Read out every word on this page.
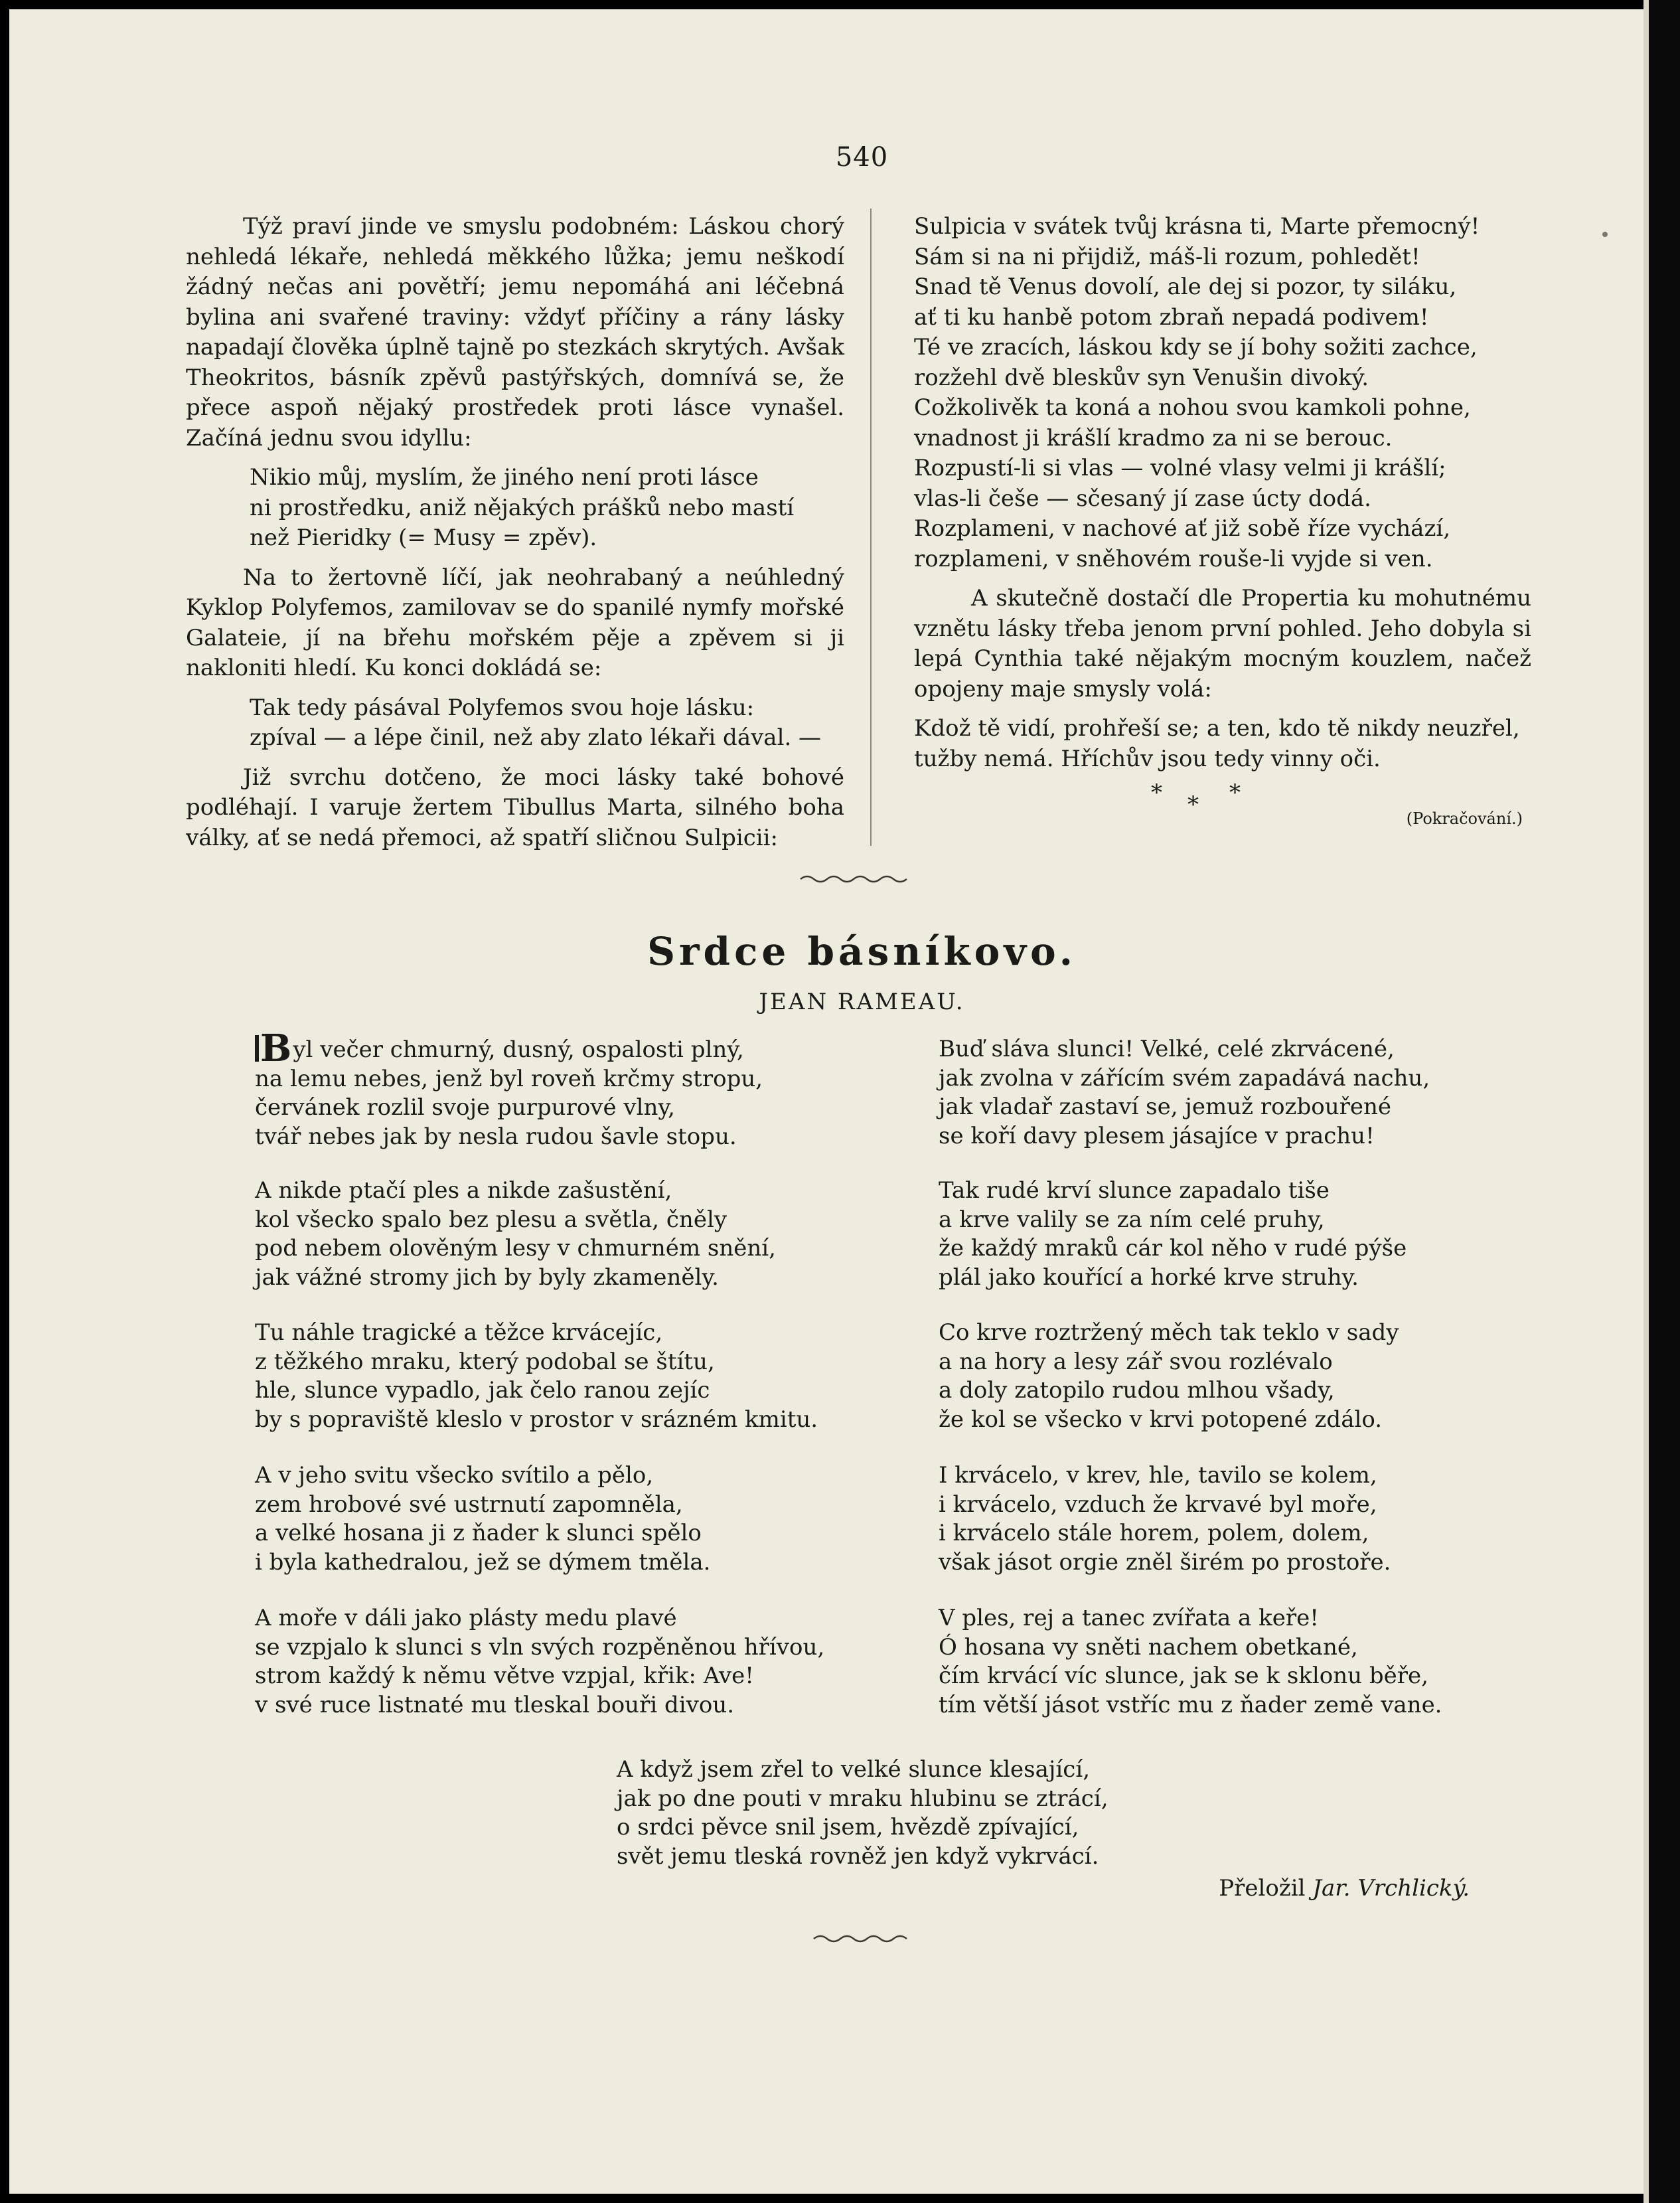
540

Týž praví jinde ve smyslu podobném: Láskou chorý nehledá lékaře, nehledá měkkého lůžka; jemu neškodí žádný nečas ani povětří; jemu nepomáhá ani léčebná bylina ani svařené traviny: vždyť příčiny a rány lásky napadají člověka úplně tajně po stezkách skrytých. Avšak Theokritos, básník zpěvů pastýřských, domnívá se, že přece aspoň nějaký prostředek proti lásce vynašel. Začíná jednu svou idyllu:

Nikio můj, myslím, že jiného není proti lásce
ni prostředku, aniž nějakých prášků nebo mastí
než Pieridky (= Musy = zpěv).

Na to žertovně líčí, jak neohrabaný a neúhledný Kyklop Polyfemos, zamilovav se do spanilé nymfy mořské Galateie, jí na břehu mořském pěje a zpěvem si ji nakloniti hledí. Ku konci dokládá se:

Tak tedy pásával Polyfemos svou hoje lásku:
zpíval — a lépe činil, než aby zlato lékaři dával. —

Již svrchu dotčeno, že moci lásky také bohové podléhají. I varuje žertem Tibullus Marta, silného boha války, ať se nedá přemoci, až spatří sličnou Sulpicii:

Sulpicia v svátek tvůj krásna ti, Marte přemocný!
Sám si na ni přijdiž, máš-li rozum, pohledět!
Snad tě Venus dovolí, ale dej si pozor, ty siláku,
ať ti ku hanbě potom zbraň nepadá podivem!
Té ve zracích, láskou kdy se jí bohy sožiti zachce,
rozžehl dvě bleskův syn Venušin divoký.
Cožkolivěk ta koná a nohou svou kamkoli pohne,
vnadnost ji krášlí kradmo za ni se berouc.
Rozpustí-li si vlas — volné vlasy velmi ji krášlí;
vlas-li češe — sčesaný jí zase úcty dodá.
Rozplameni, v nachové ať již sobě říze vychází,
rozplameni, v sněhovém rouše-li vyjde si ven.

A skutečně dostačí dle Propertia ku mohutnému vznětu lásky třeba jenom první pohled. Jeho dobyla si lepá Cynthia také nějakým mocným kouzlem, načež opojeny maje smysly volá:

Kdož tě vidí, prohřeší se; a ten, kdo tě nikdy neuzřel,
tužby nemá. Hříchův jsou tedy vinny oči.
* * *
(Pokračování.)
Srdce básníkovo.
JEAN RAMEAU.
Byl večer chmurný, dusný, ospalosti plný,
na lemu nebes, jenž byl roveň krčmy stropu,
červánek rozlil svoje purpurové vlny,
tvář nebes jak by nesla rudou šavle stopu.
A nikde ptačí ples a nikde zašustění,
kol všecko spalo bez plesu a světla, čněly
pod nebem olověným lesy v chmurném snění,
jak vážné stromy jich by byly zkameněly.
Tu náhle tragické a těžce krvácejíc,
z těžkého mraku, který podobal se štítu,
hle, slunce vypadlo, jak čelo ranou zejíc
by s popraviště kleslo v prostor v srázném kmitu.
A v jeho svitu všecko svítilo a pělo,
zem hrobové své ustrnutí zapomněla,
a velké hosana ji z ňader k slunci spělo
i byla kathedralou, jež se dýmem tměla.
A moře v dáli jako plásty medu plavé
se vzpjalo k slunci s vln svých rozpěněnou hřívou,
strom každý k němu větve vzpjal, křik: Ave!
v své ruce listnaté mu tleskal bouři divou.
Buď sláva slunci! Velké, celé zkrvácené,
jak zvolna v zářícím svém zapadává nachu,
jak vladař zastaví se, jemuž rozbouřené
se koří davy plesem jásajíce v prachu!
Tak rudé krví slunce zapadalo tiše
a krve valily se za ním celé pruhy,
že každý mraků cár kol něho v rudé pýše
plál jako kouřící a horké krve struhy.
Co krve roztržený měch tak teklo v sady
a na hory a lesy zář svou rozlévalo
a doly zatopilo rudou mlhou všady,
že kol se všecko v krvi potopené zdálo.
I krvácelo, v krev, hle, tavilo se kolem,
i krvácelo, vzduch že krvavé byl moře,
i krvácelo stále horem, polem, dolem,
však jásot orgie zněl širém po prostoře.
V ples, rej a tanec zvířata a keře!
Ó hosana vy sněti nachem obetkané,
čím krvácí víc slunce, jak se k sklonu běře,
tím větší jásot vstříc mu z ňader země vane.
A když jsem zřel to velké slunce klesající,
jak po dne pouti v mraku hlubinu se ztrácí,
o srdci pěvce snil jsem, hvězdě zpívající,
svět jemu tleská rovněž jen když vykrvácí.
Přeložil Jar. Vrchlický.
